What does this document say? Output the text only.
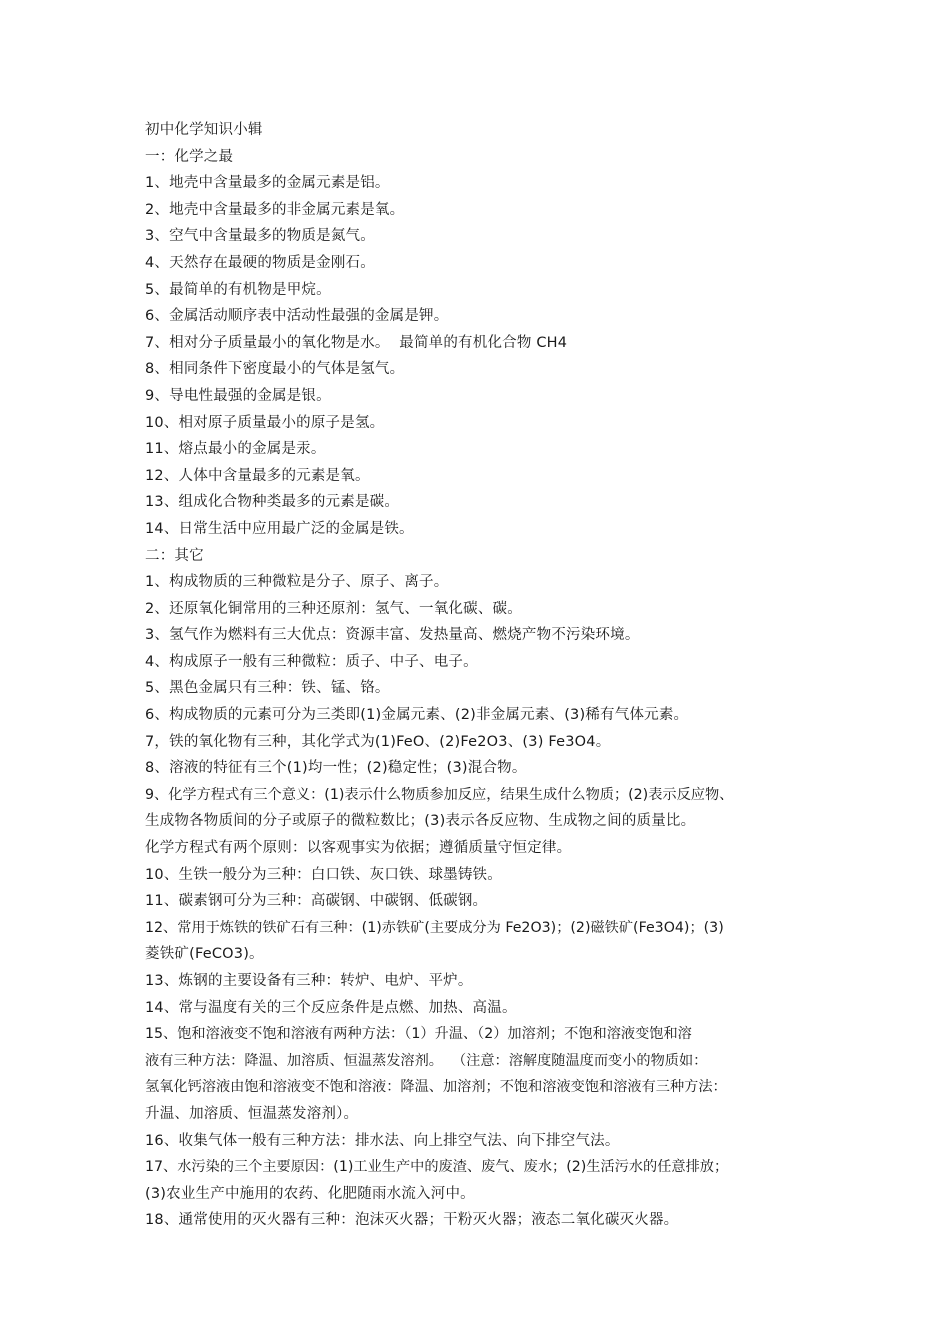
初中化学知识小辑
一：化学之最
1、地壳中含量最多的金属元素是铝。
2、地壳中含量最多的非金属元素是氧。
3、空气中含量最多的物质是氮气。
4、天然存在最硬的物质是金刚石。
5、最简单的有机物是甲烷。
6、金属活动顺序表中活动性最强的金属是钾。
7、相对分子质量最小的氧化物是水。  最简单的有机化合物 CH4
8、相同条件下密度最小的气体是氢气。
9、导电性最强的金属是银。
10、相对原子质量最小的原子是氢。
11、熔点最小的金属是汞。
12、人体中含量最多的元素是氧。
13、组成化合物种类最多的元素是碳。
14、日常生活中应用最广泛的金属是铁。
二：其它
1、构成物质的三种微粒是分子、原子、离子。
2、还原氧化铜常用的三种还原剂：氢气、一氧化碳、碳。
3、氢气作为燃料有三大优点：资源丰富、发热量高、燃烧产物不污染环境。
4、构成原子一般有三种微粒：质子、中子、电子。
5、黑色金属只有三种：铁、锰、铬。
6、构成物质的元素可分为三类即(1)金属元素、(2)非金属元素、(3)稀有气体元素。
7，铁的氧化物有三种，其化学式为(1)FeO、(2)Fe2O3、(3) Fe3O4。
8、溶液的特征有三个(1)均一性；(2)稳定性；(3)混合物。
9、化学方程式有三个意义：(1)表示什么物质参加反应，结果生成什么物质；(2)表示反应物、
生成物各物质间的分子或原子的微粒数比；(3)表示各反应物、生成物之间的质量比。
化学方程式有两个原则：以客观事实为依据；遵循质量守恒定律。
10、生铁一般分为三种：白口铁、灰口铁、球墨铸铁。
11、碳素钢可分为三种：高碳钢、中碳钢、低碳钢。
12、常用于炼铁的铁矿石有三种：(1)赤铁矿(主要成分为 Fe2O3)；(2)磁铁矿(Fe3O4)；(3)
菱铁矿(FeCO3)。
13、炼钢的主要设备有三种：转炉、电炉、平炉。
14、常与温度有关的三个反应条件是点燃、加热、高温。
15、饱和溶液变不饱和溶液有两种方法：（1）升温、（2）加溶剂；不饱和溶液变饱和溶
液有三种方法：降温、加溶质、恒温蒸发溶剂。  （注意：溶解度随温度而变小的物质如：
氢氧化钙溶液由饱和溶液变不饱和溶液：降温、加溶剂；不饱和溶液变饱和溶液有三种方法：
升温、加溶质、恒温蒸发溶剂）。
16、收集气体一般有三种方法：排水法、向上排空气法、向下排空气法。
17、水污染的三个主要原因：(1)工业生产中的废渣、废气、废水；(2)生活污水的任意排放；
(3)农业生产中施用的农药、化肥随雨水流入河中。
18、通常使用的灭火器有三种：泡沫灭火器；干粉灭火器；液态二氧化碳灭火器。
